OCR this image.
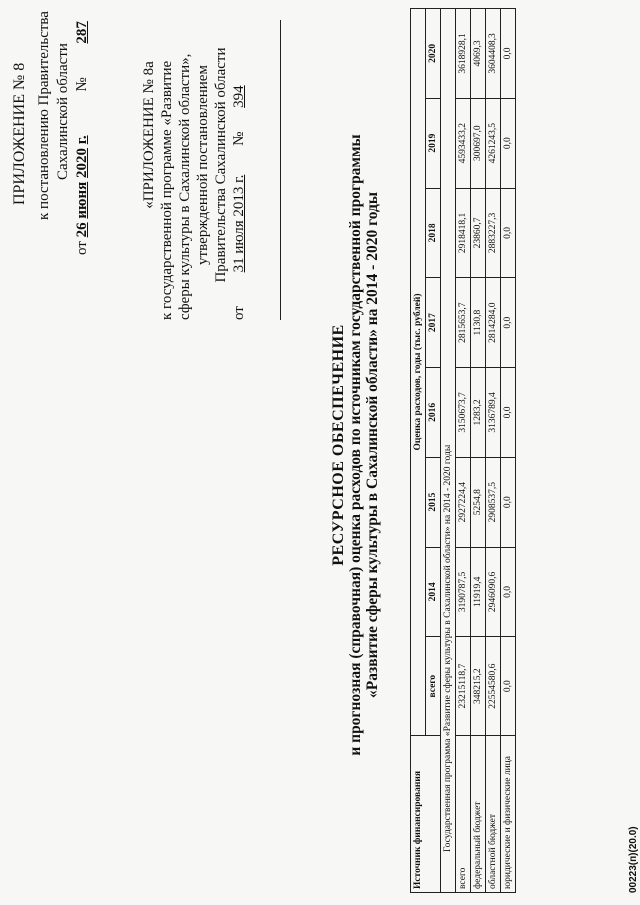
ПРИЛОЖЕНИЕ № 8 к постановлению Правительства Сахалинской области
от 26 июня 2020 г. № 287
«ПРИЛОЖЕНИЕ № 8а к государственной программе «Развитие сферы культуры в Сахалинской области», утвержденной постановлением Правительства Сахалинской области
от 31 июля 2013 г. № 394
РЕСУРСНОЕ ОБЕСПЕЧЕНИЕ и прогнозная (справочная) оценка расходов по источникам государственной программы «Развитие сферы культуры в Сахалинской области» на 2014 - 2020 годы
Источник финансирования	Оценка расходов, годы (тыс. рублей)							
	всего	2014	2015	2016	2017	2018	2019	2020
Государственная программа «Развитие сферы культуры в Сахалинской области» на 2014 - 2020 годы								
всего	23215118,7	3190787,5	2927224,4	3150673,7	2815653,7	2918418,1	4593433,2	3618928,1
федеральный бюджет	348215,2	11919,4	5254,8	1283,2	1130,8	23860,7	300697,0	4069,3
областной бюджет	22554580,6	2946090,6	2908537,5	3136789,4	2814284,0	2883227,3	4261243,5	3604408,3
юридические и физические лица	0,0	0,0	0,0	0,0	0,0	0,0	0,0	0,0
00223(п)(20.0)
